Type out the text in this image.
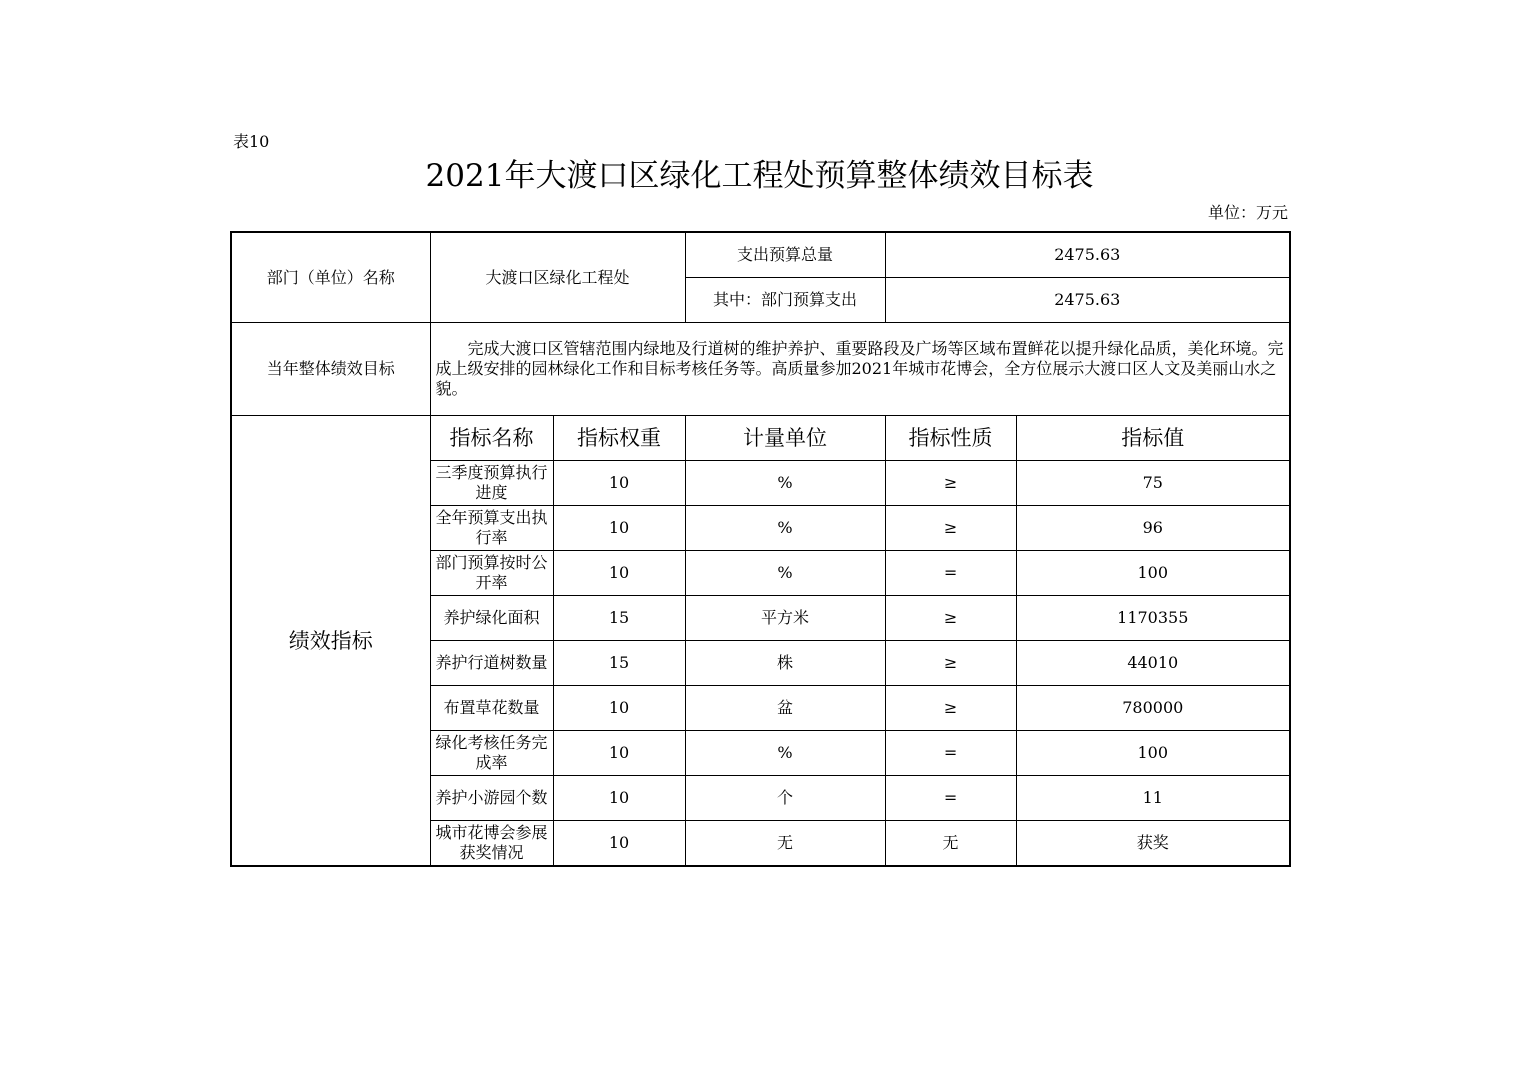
表10
2021年大渡口区绿化工程处预算整体绩效目标表
单位：万元
部门（单位）名称	大渡口区绿化工程处		支出预算总量	2475.63	
			其中：部门预算支出	2475.63	
当年整体绩效目标	　　完成大渡口区管辖范围内绿地及行道树的维护养护、重要路段及广场等区域布置鲜花以提升绿化品质，美化环境。完成上级安排的园林绿化工作和目标考核任务等。高质量参加2021年城市花博会，全方位展示大渡口区人文及美丽山水之貌。				
绩效指标	指标名称	指标权重	计量单位	指标性质	指标值
	三季度预算执行进度	10	%	≥	75
	全年预算支出执行率	10	%	≥	96
	部门预算按时公开率	10	%	=	100
	养护绿化面积	15	平方米	≥	1170355
	养护行道树数量	15	株	≥	44010
	布置草花数量	10	盆	≥	780000
	绿化考核任务完成率	10	%	=	100
	养护小游园个数	10	个	=	11
	城市花博会参展获奖情况	10	无	无	获奖
